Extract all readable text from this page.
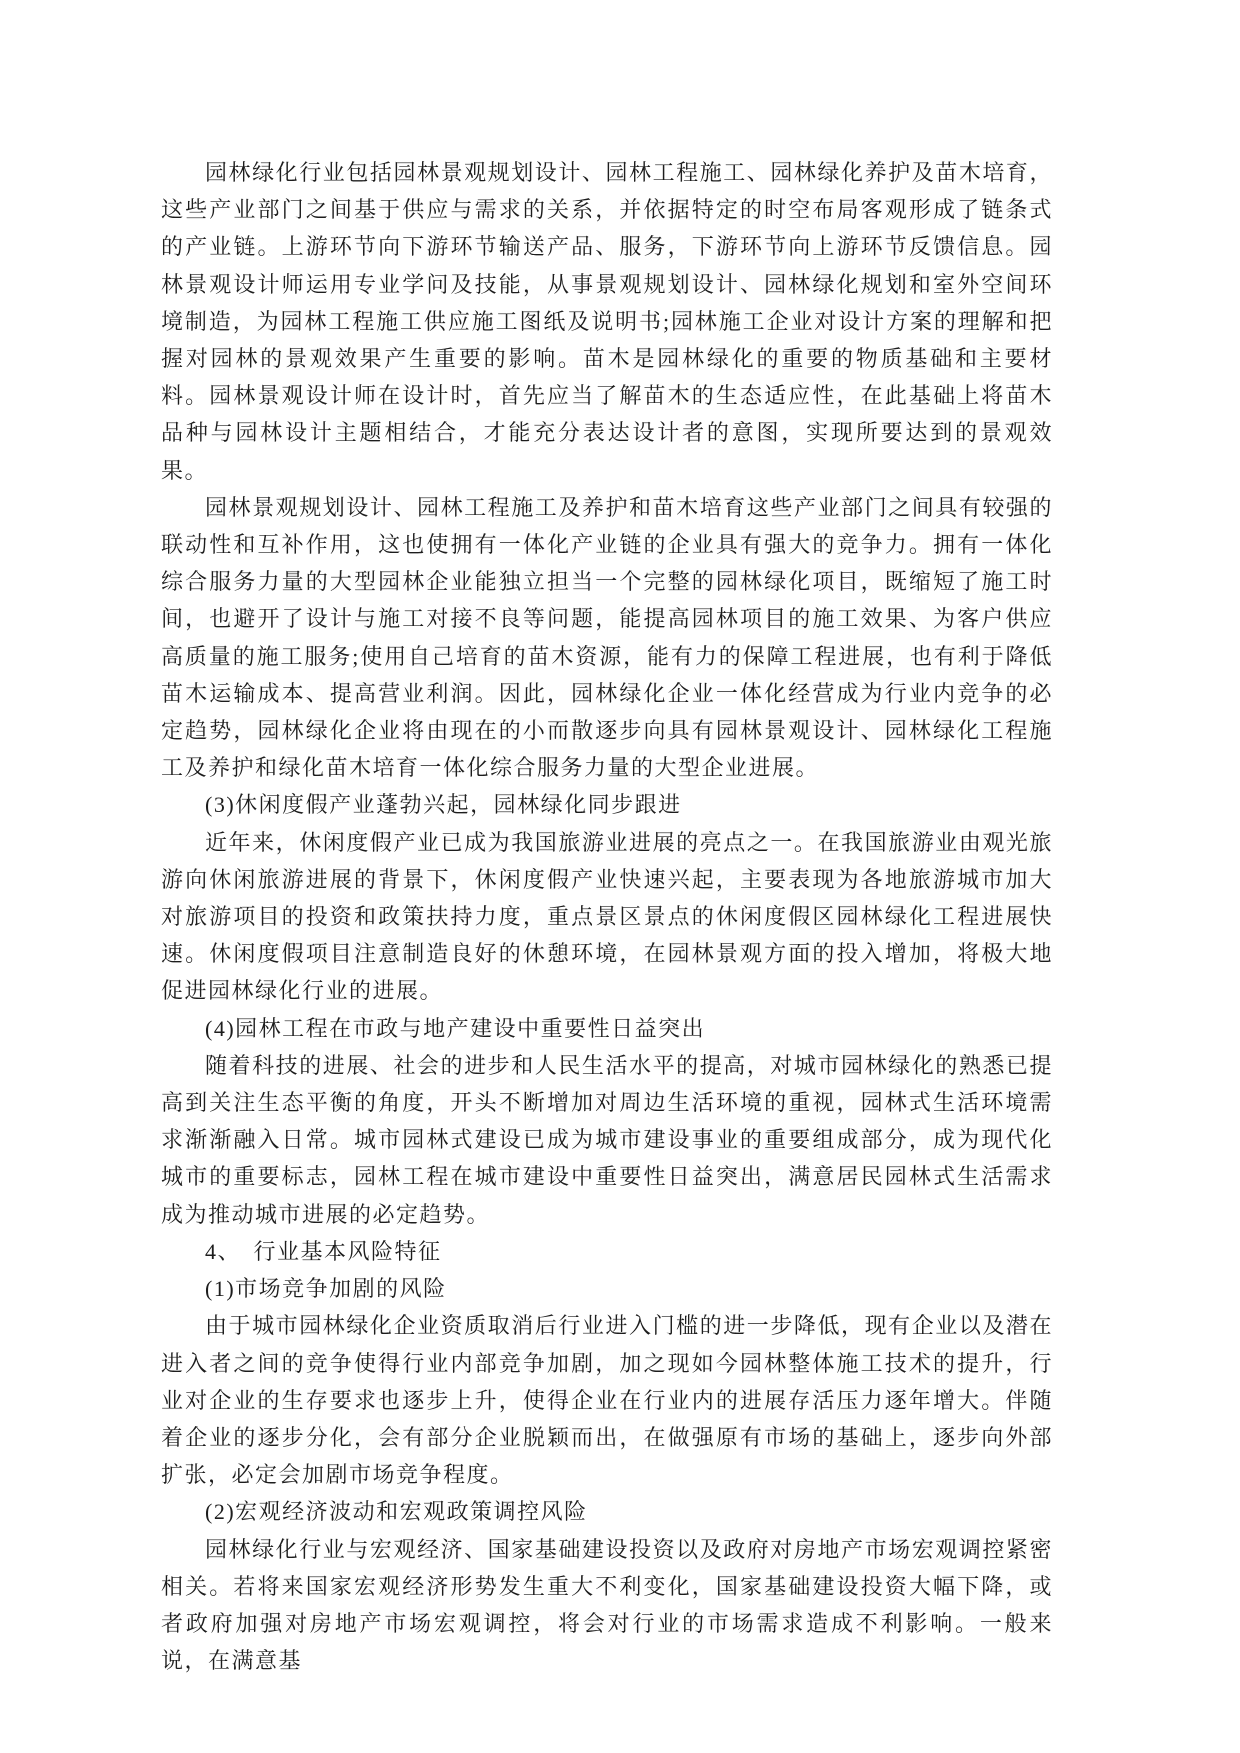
园林绿化行业包括园林景观规划设计、园林工程施工、园林绿化养护及苗木培育，这些产业部门之间基于供应与需求的关系，并依据特定的时空布局客观形成了链条式的产业链。上游环节向下游环节输送产品、服务，下游环节向上游环节反馈信息。园林景观设计师运用专业学问及技能，从事景观规划设计、园林绿化规划和室外空间环境制造，为园林工程施工供应施工图纸及说明书;园林施工企业对设计方案的理解和把握对园林的景观效果产生重要的影响。苗木是园林绿化的重要的物质基础和主要材料。园林景观设计师在设计时，首先应当了解苗木的生态适应性，在此基础上将苗木品种与园林设计主题相结合，才能充分表达设计者的意图，实现所要达到的景观效果。

园林景观规划设计、园林工程施工及养护和苗木培育这些产业部门之间具有较强的联动性和互补作用，这也使拥有一体化产业链的企业具有强大的竞争力。拥有一体化综合服务力量的大型园林企业能独立担当一个完整的园林绿化项目，既缩短了施工时间，也避开了设计与施工对接不良等问题，能提高园林项目的施工效果、为客户供应高质量的施工服务;使用自己培育的苗木资源，能有力的保障工程进展，也有利于降低苗木运输成本、提高营业利润。因此，园林绿化企业一体化经营成为行业内竞争的必定趋势，园林绿化企业将由现在的小而散逐步向具有园林景观设计、园林绿化工程施工及养护和绿化苗木培育一体化综合服务力量的大型企业进展。

(3)休闲度假产业蓬勃兴起，园林绿化同步跟进

近年来，休闲度假产业已成为我国旅游业进展的亮点之一。在我国旅游业由观光旅游向休闲旅游进展的背景下，休闲度假产业快速兴起，主要表现为各地旅游城市加大对旅游项目的投资和政策扶持力度，重点景区景点的休闲度假区园林绿化工程进展快速。休闲度假项目注意制造良好的休憩环境，在园林景观方面的投入增加，将极大地促进园林绿化行业的进展。

(4)园林工程在市政与地产建设中重要性日益突出

随着科技的进展、社会的进步和人民生活水平的提高，对城市园林绿化的熟悉已提高到关注生态平衡的角度，开头不断增加对周边生活环境的重视，园林式生活环境需求渐渐融入日常。城市园林式建设已成为城市建设事业的重要组成部分，成为现代化城市的重要标志，园林工程在城市建设中重要性日益突出，满意居民园林式生活需求成为推动城市进展的必定趋势。

4、　行业基本风险特征

(1)市场竞争加剧的风险

由于城市园林绿化企业资质取消后行业进入门槛的进一步降低，现有企业以及潜在进入者之间的竞争使得行业内部竞争加剧，加之现如今园林整体施工技术的提升，行业对企业的生存要求也逐步上升，使得企业在行业内的进展存活压力逐年增大。伴随着企业的逐步分化，会有部分企业脱颖而出，在做强原有市场的基础上，逐步向外部扩张，必定会加剧市场竞争程度。

(2)宏观经济波动和宏观政策调控风险

园林绿化行业与宏观经济、国家基础建设投资以及政府对房地产市场宏观调控紧密相关。若将来国家宏观经济形势发生重大不利变化，国家基础建设投资大幅下降，或者政府加强对房地产市场宏观调控，将会对行业的市场需求造成不利影响。一般来说，在满意基
